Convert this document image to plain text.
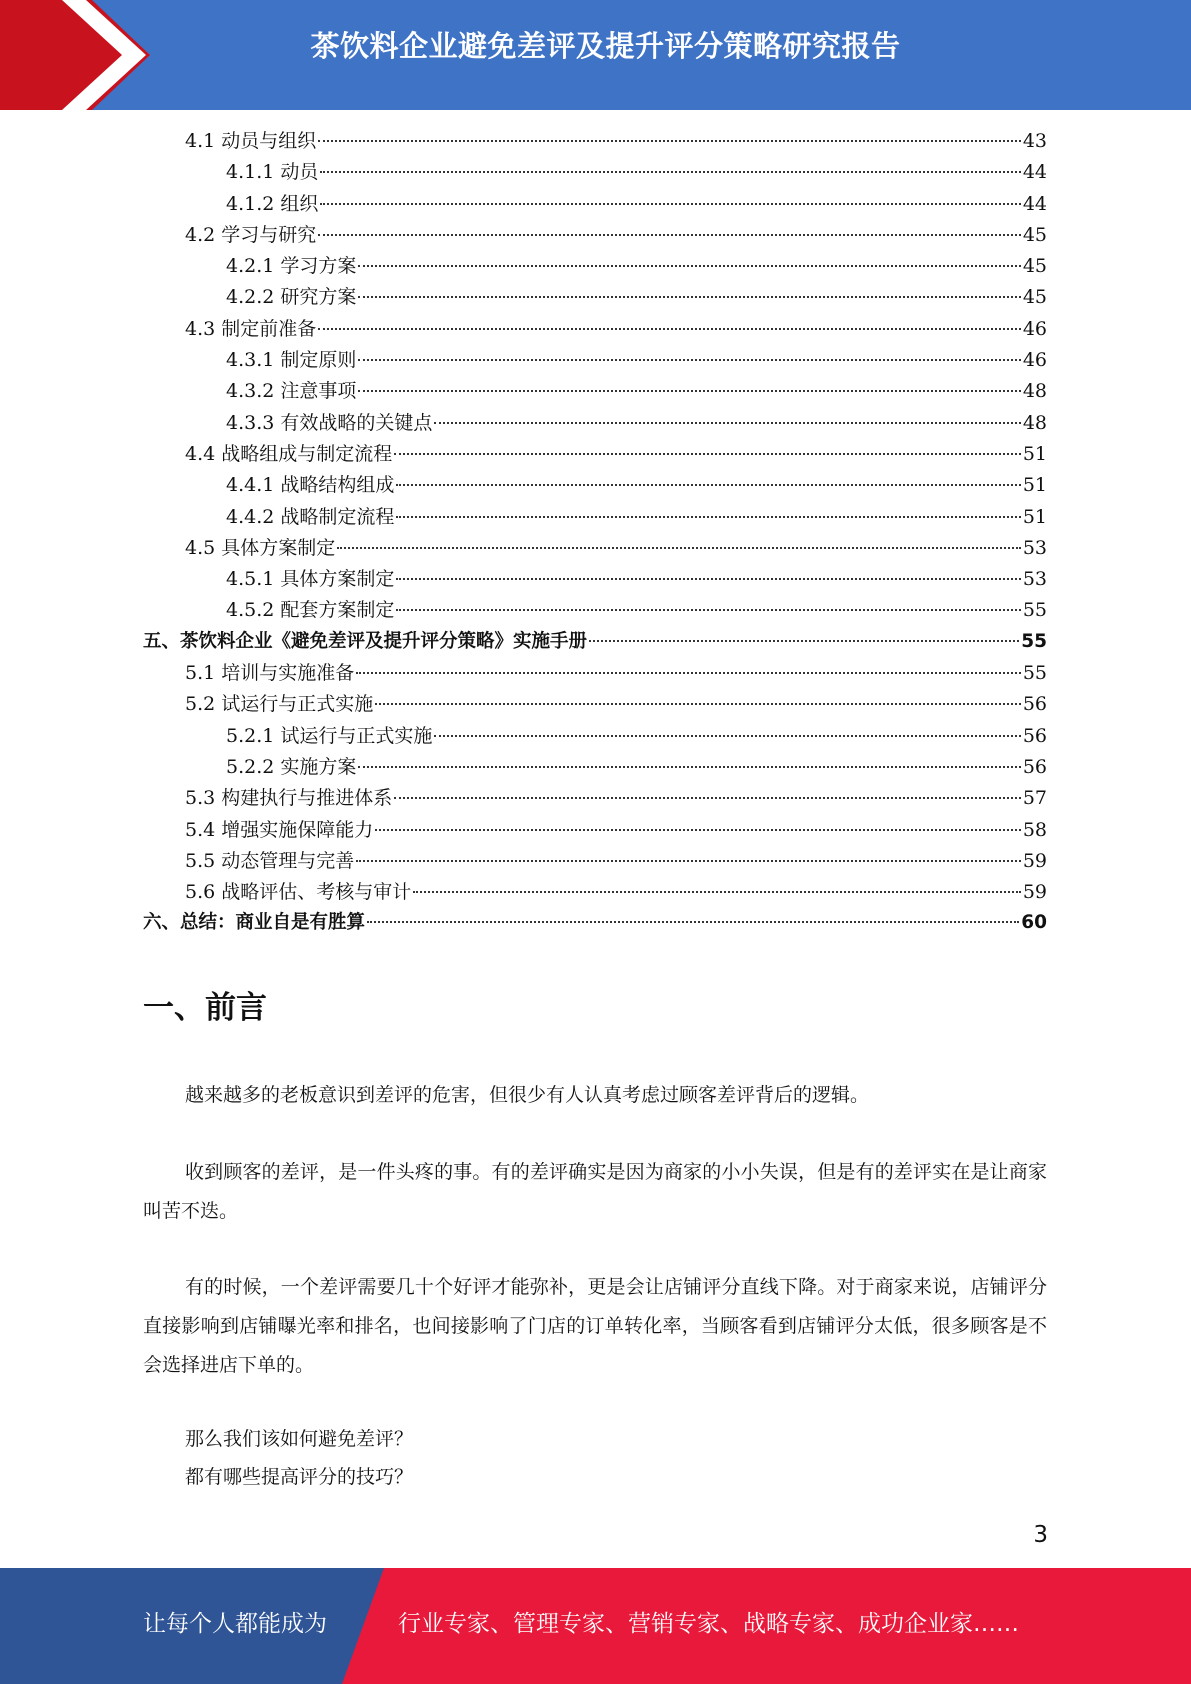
茶饮料企业避免差评及提升评分策略研究报告
4.1 动员与组织	43
4.1.1 动员	44
4.1.2 组织	44
4.2 学习与研究	45
4.2.1 学习方案	45
4.2.2 研究方案	45
4.3 制定前准备	46
4.3.1 制定原则	46
4.3.2 注意事项	48
4.3.3 有效战略的关键点	48
4.4 战略组成与制定流程	51
4.4.1 战略结构组成	51
4.4.2 战略制定流程	51
4.5 具体方案制定	53
4.5.1 具体方案制定	53
4.5.2 配套方案制定	55
五、茶饮料企业《避免差评及提升评分策略》实施手册	55
5.1 培训与实施准备	55
5.2 试运行与正式实施	56
5.2.1 试运行与正式实施	56
5.2.2 实施方案	56
5.3 构建执行与推进体系	57
5.4 增强实施保障能力	58
5.5 动态管理与完善	59
5.6 战略评估、考核与审计	59
六、总结：商业自是有胜算	60
一、前言

越来越多的老板意识到差评的危害，但很少有人认真考虑过顾客差评背后的逻辑。

收到顾客的差评，是一件头疼的事。有的差评确实是因为商家的小小失误，但是有的差评实在是让商家叫苦不迭。

有的时候，一个差评需要几十个好评才能弥补，更是会让店铺评分直线下降。对于商家来说，店铺评分直接影响到店铺曝光率和排名，也间接影响了门店的订单转化率，当顾客看到店铺评分太低，很多顾客是不会选择进店下单的。

那么我们该如何避免差评？

都有哪些提高评分的技巧？

3
让每个人都能成为	行业专家、管理专家、营销专家、战略专家、成功企业家……
